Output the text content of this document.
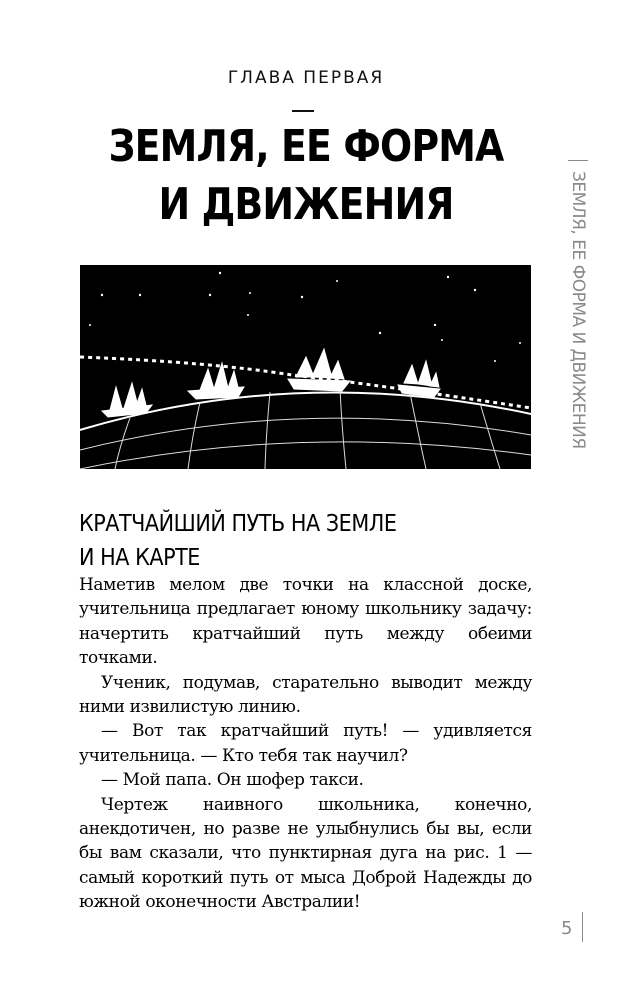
ГЛАВА ПЕРВАЯ
ЗЕМЛЯ, ЕЕ ФОРМА
И ДВИЖЕНИЯ
КРАТЧАЙШИЙ ПУТЬ НА ЗЕМЛЕ
И НА КАРТЕ

Наметив мелом две точки на классной доске, учительница предлагает юному школьнику задачу: начертить кратчайший путь между обеими точками.

Ученик, подумав, старательно выводит между ними извилистую линию.

— Вот так кратчайший путь! — удивляется учительница. — Кто тебя так научил?

— Мой папа. Он шофер такси.

Чертеж наивного школьника, конечно, анекдотичен, но разве не улыбнулись бы вы, если бы вам сказали, что пунктирная дуга на рис. 1 — самый короткий путь от мыса Доброй Надежды до южной оконечности Австралии!

ЗЕМЛЯ, ЕЕ ФОРМА И ДВИЖЕНИЯ
5
